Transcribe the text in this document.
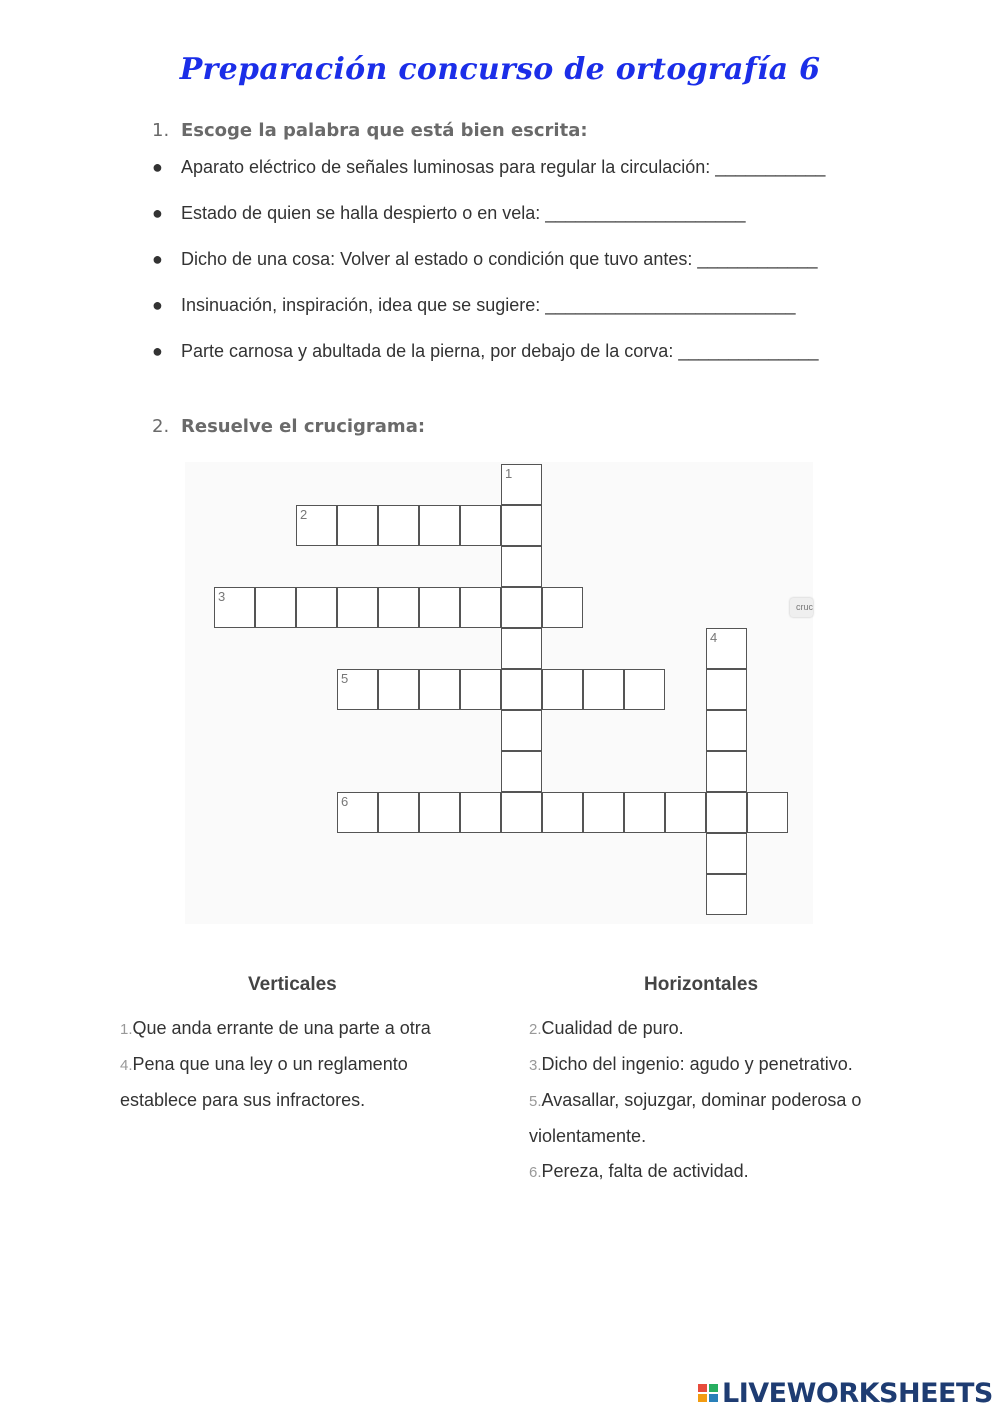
Preparación concurso de ortografía 6
1. Escoge la palabra que está bien escrita:
● Aparato eléctrico de señales luminosas para regular la circulación: ___________
● Estado de quien se halla despierto o en vela: ____________________
● Dicho de una cosa: Volver al estado o condición que tuvo antes: ____________
● Insinuación, inspiración, idea que se sugiere: _________________________
● Parte carnosa y abultada de la pierna, por debajo de la corva: ______________
2. Resuelve el crucigrama:
1
2
3
4
5
6
cruc
Verticales	Horizontales
1.Que anda errante de una parte a otra
4.Pena que una ley o un reglamento establece para sus infractores.
2.Cualidad de puro.
3.Dicho del ingenio: agudo y penetrativo.
5.Avasallar, sojuzgar, dominar poderosa o violentamente.
6.Pereza, falta de actividad.
LIVEWORKSHEETS
